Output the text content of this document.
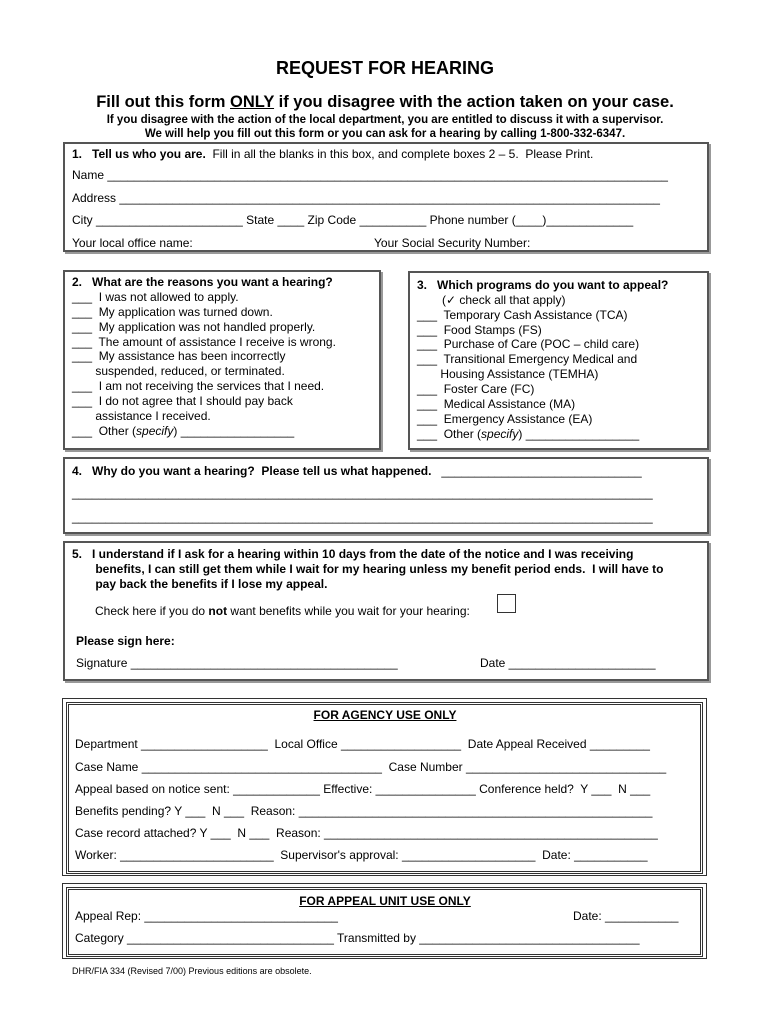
REQUEST FOR HEARING
Fill out this form ONLY if you disagree with the action taken on your case.
If you disagree with the action of the local department, you are entitled to discuss it with a supervisor.
We will help you fill out this form or you can ask for a hearing by calling 1-800-332-6347.
1.   Tell us who you are.  Fill in all the blanks in this box, and complete boxes 2 – 5.  Please Print.
Name ____________________________________________________________________________________
Address _________________________________________________________________________________
City ______________________ State ____ Zip Code __________ Phone number (____)_____________
Your local office name:	Your Social Security Number:
2.   What are the reasons you want a hearing?
___  I was not allowed to apply.
___  My application was turned down.
___  My application was not handled properly.
___  The amount of assistance I receive is wrong.
___  My assistance has been incorrectly
suspended, reduced, or terminated.
___  I am not receiving the services that I need.
___  I do not agree that I should pay back
assistance I received.
___  Other (specify) _________________
3.   Which programs do you want to appeal?
(✓ check all that apply)
___  Temporary Cash Assistance (TCA)
___  Food Stamps (FS)
___  Purchase of Care (POC – child care)
___  Transitional Emergency Medical and
Housing Assistance (TEMHA)
___  Foster Care (FC)
___  Medical Assistance (MA)
___  Emergency Assistance (EA)
___  Other (specify) _________________
4.   Why do you want a hearing?  Please tell us what happened.   ______________________________
_______________________________________________________________________________________
_______________________________________________________________________________________
5.   I understand if I ask for a hearing within 10 days from the date of the notice and I was receiving
benefits, I can still get them while I wait for my hearing unless my benefit period ends.  I will have to
pay back the benefits if I lose my appeal.
Check here if you do not want benefits while you wait for your hearing:
Please sign here:
Signature ________________________________________	Date ______________________
FOR AGENCY USE ONLY
Department ___________________  Local Office __________________  Date Appeal Received _________
Case Name ____________________________________  Case Number ______________________________
Appeal based on notice sent: _____________ Effective: _______________ Conference held?  Y ___  N ___
Benefits pending? Y ___  N ___  Reason: _____________________________________________________
Case record attached? Y ___  N ___  Reason: __________________________________________________
Worker: _______________________  Supervisor's approval: ____________________  Date: ___________
FOR APPEAL UNIT USE ONLY
Appeal Rep: _____________________________	Date: ___________
Category _______________________________ Transmitted by _________________________________
DHR/FIA 334 (Revised 7/00) Previous editions are obsolete.
